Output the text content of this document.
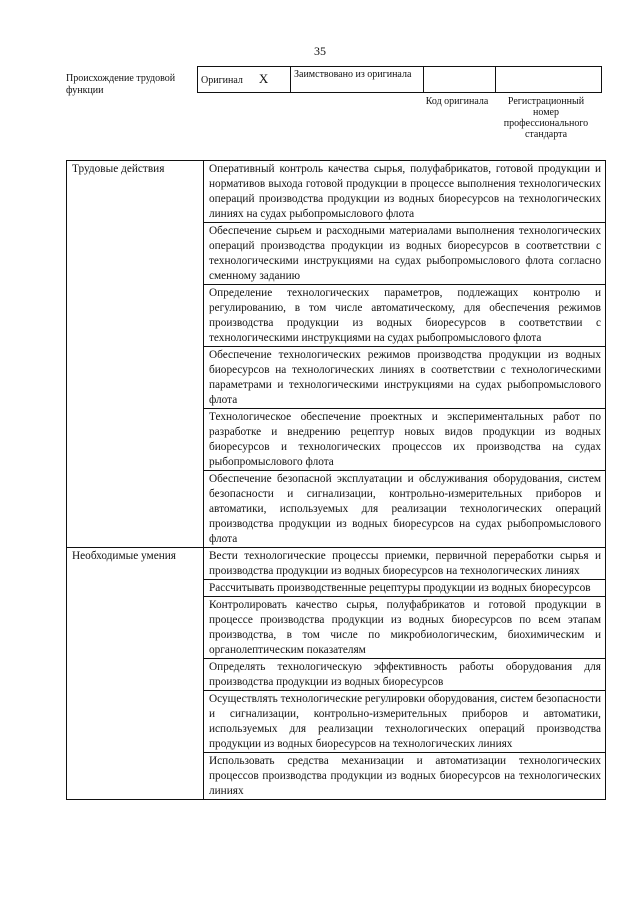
35
Происхождение трудовой функции
Оригинал X	Заимствовано из оригинала		
Код оригинала	Регистрационный номер профессионального стандарта
Трудовые действия	Оперативный контроль качества сырья, полуфабрикатов, готовой продукции и нормативов выхода готовой продукции в процессе выполнения технологических операций производства продукции из водных биоресурсов на технологических линиях на судах рыбопромыслового флота
	Обеспечение сырьем и расходными материалами выполнения технологических операций производства продукции из водных биоресурсов в соответствии с технологическими инструкциями на судах рыбопромыслового флота согласно сменному заданию
	Определение технологических параметров, подлежащих контролю и регулированию, в том числе автоматическому, для обеспечения режимов производства продукции из водных биоресурсов в соответствии с технологическими инструкциями на судах рыбопромыслового флота
	Обеспечение технологических режимов производства продукции из водных биоресурсов на технологических линиях в соответствии с технологическими параметрами и технологическими инструкциями на судах рыбопромыслового флота
	Технологическое обеспечение проектных и экспериментальных работ по разработке и внедрению рецептур новых видов продукции из водных биоресурсов и технологических процессов их производства на судах рыбопромыслового флота
	Обеспечение безопасной эксплуатации и обслуживания оборудования, систем безопасности и сигнализации, контрольно-измерительных приборов и автоматики, используемых для реализации технологических операций производства продукции из водных биоресурсов на судах рыбопромыслового флота
Необходимые умения	Вести технологические процессы приемки, первичной переработки сырья и производства продукции из водных биоресурсов на технологических линиях
	Рассчитывать производственные рецептуры продукции из водных биоресурсов
	Контролировать качество сырья, полуфабрикатов и готовой продукции в процессе производства продукции из водных биоресурсов по всем этапам производства, в том числе по микробиологическим, биохимическим и органолептическим показателям
	Определять технологическую эффективность работы оборудования для производства продукции из водных биоресурсов
	Осуществлять технологические регулировки оборудования, систем безопасности и сигнализации, контрольно-измерительных приборов и автоматики, используемых для реализации технологических операций производства продукции из водных биоресурсов на технологических линиях
	Использовать средства механизации и автоматизации технологических процессов производства продукции из водных биоресурсов на технологических линиях
